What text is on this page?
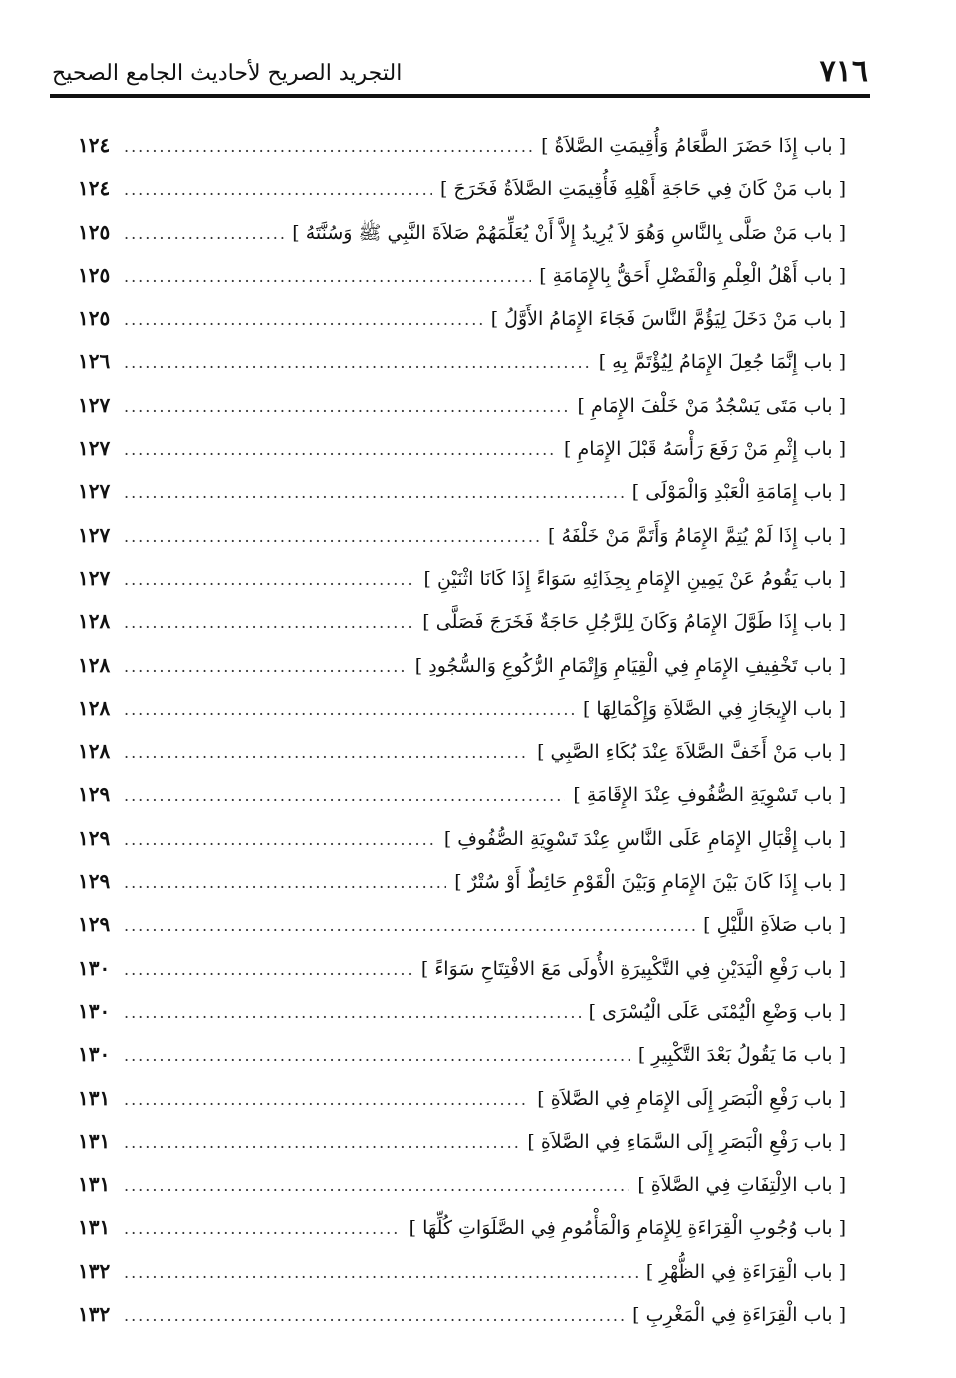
٧١٦
التجريد الصريح لأحاديث الجامع الصحيح
[ باب إِذَا حَضَرَ الطَّعَامُ وَأُقِيمَتِ الصَّلاَةُ ]
.....
١٢٤
[ باب مَنْ كَانَ فِي حَاجَةِ أَهْلِهِ فَأُقِيمَتِ الصَّلاَةُ فَخَرَجَ ]
.....
١٢٤
[ باب مَنْ صَلَّى بِالنَّاسِ وَهُوَ لاَ يُرِيدُ إِلاَّ أَنْ يُعَلِّمَهُمْ صَلاَةَ النَّبِي ﷺ وَسُنَّتَهُ ]
.....
١٢٥
[ باب أَهْلُ الْعِلْمِ وَالْفَضْلِ أَحَقُّ بِالإِمَامَةِ ]
.....
١٢٥
[ باب مَنْ دَخَلَ لِيَؤُمَّ النَّاسَ فَجَاءَ الإِمَامُ الأَوَّلُ ]
.....
١٢٥
[ باب إِنَّمَا جُعِلَ الإِمَامُ لِيُؤْتَمَّ بِهِ ]
.....
١٢٦
[ باب مَتَى يَسْجُدُ مَنْ خَلْفَ الإِمَامِ ]
.....
١٢٧
[ باب إِثْمِ مَنْ رَفَعَ رَأْسَهُ قَبْلَ الإِمَامِ ]
.....
١٢٧
[ باب إِمَامَةِ الْعَبْدِ وَالْمَوْلَى ]
.....
١٢٧
[ باب إِذَا لَمْ يُتِمَّ الإِمَامُ وَأَتَمَّ مَنْ خَلْفَهُ ]
.....
١٢٧
[ باب يَقُومُ عَنْ يَمِينِ الإِمَامِ بِحِذَائِهِ سَوَاءً إِذَا كَانَا اثْنَيْنِ ]
.....
١٢٧
[ باب إِذَا طَوَّلَ الإِمَامُ وَكَانَ لِلرَّجُلِ حَاجَةٌ فَخَرَجَ فَصَلَّى ]
.....
١٢٨
[ باب تَخْفِيفِ الإِمَامِ فِي الْقِيَامِ وَإِتْمَامِ الرُّكُوعِ وَالسُّجُودِ ]
.....
١٢٨
[ باب الإِيجَازِ فِي الصَّلاَةِ وَإِكْمَالِهَا ]
.....
١٢٨
[ باب مَنْ أَخَفَّ الصَّلاَةَ عِنْدَ بُكَاءِ الصَّبِي ]
.....
١٢٨
[ باب تَسْوِيَةِ الصُّفُوفِ عِنْدَ الإِقَامَةِ ]
.....
١٢٩
[ باب إِقْبَالِ الإِمَامِ عَلَى النَّاسِ عِنْدَ تَسْوِيَةِ الصُّفُوفِ ]
.....
١٢٩
[ باب إِذَا كَانَ بَيْنَ الإِمَامِ وَبَيْنَ الْقَوْمِ حَائِطٌ أَوْ سُتْرٌ ]
.....
١٢٩
[ باب صَلاَةِ اللَّيْلِ ]
.....
١٢٩
[ باب رَفْعِ الْيَدَيْنِ فِي التَّكْبِيرَةِ الأُولَى مَعَ الافْتِتَاحِ سَوَاءً ]
.....
١٣٠
[ باب وَضْعِ الْيُمْنَى عَلَى الْيُسْرَى ]
.....
١٣٠
[ باب مَا يَقُولُ بَعْدَ التَّكْبِيرِ ]
.....
١٣٠
[ باب رَفْعِ الْبَصَرِ إِلَى الإِمَامِ فِي الصَّلاَةِ ]
.....
١٣١
[ باب رَفْعِ الْبَصَرِ إِلَى السَّمَاءِ فِي الصَّلاَةِ ]
.....
١٣١
[ باب الاِلْتِفَاتِ فِي الصَّلاَةِ ]
.....
١٣١
[ باب وُجُوبِ الْقِرَاءَةِ لِلإِمَامِ وَالْمَأْمُومِ فِي الصَّلَوَاتِ كُلِّهَا ]
.....
١٣١
[ باب الْقِرَاءَةِ فِي الظُّهْرِ ]
.....
١٣٢
[ باب الْقِرَاءَةِ فِي الْمَغْرِبِ ]
.....
١٣٢
